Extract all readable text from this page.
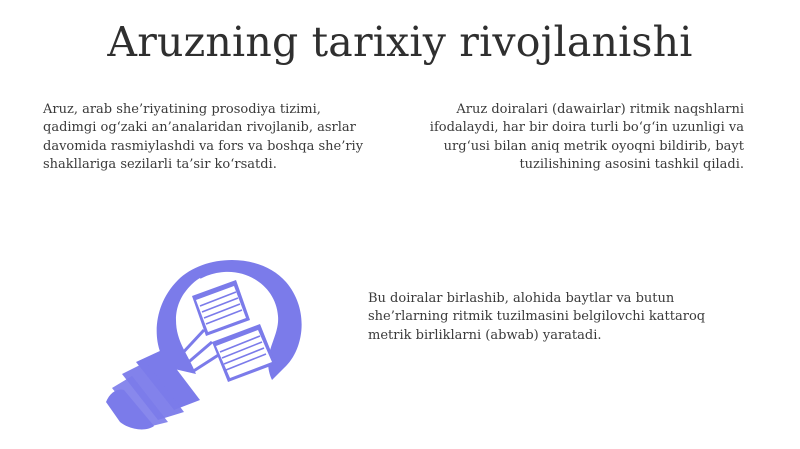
Aruzning tarixiy rivojlanishi

Aruz, arab she’riyatining prosodiya tizimi, qadimgi og‘zaki an’analaridan rivojlanib, asrlar davomida rasmiylashdi va fors va boshqa she’riy shakllariga sezilarli ta’sir ko‘rsatdi.

Aruz doiralari (dawairlar) ritmik naqshlarni ifodalaydi, har bir doira turli bo‘g‘in uzunligi va urg‘usi bilan aniq metrik oyoqni bildirib, bayt tuzilishining asosini tashkil qiladi.

Bu doiralar birlashib, alohida baytlar va butun she’rlarning ritmik tuzilmasini belgilovchi kattaroq metrik birliklarni (abwab) yaratadi.
